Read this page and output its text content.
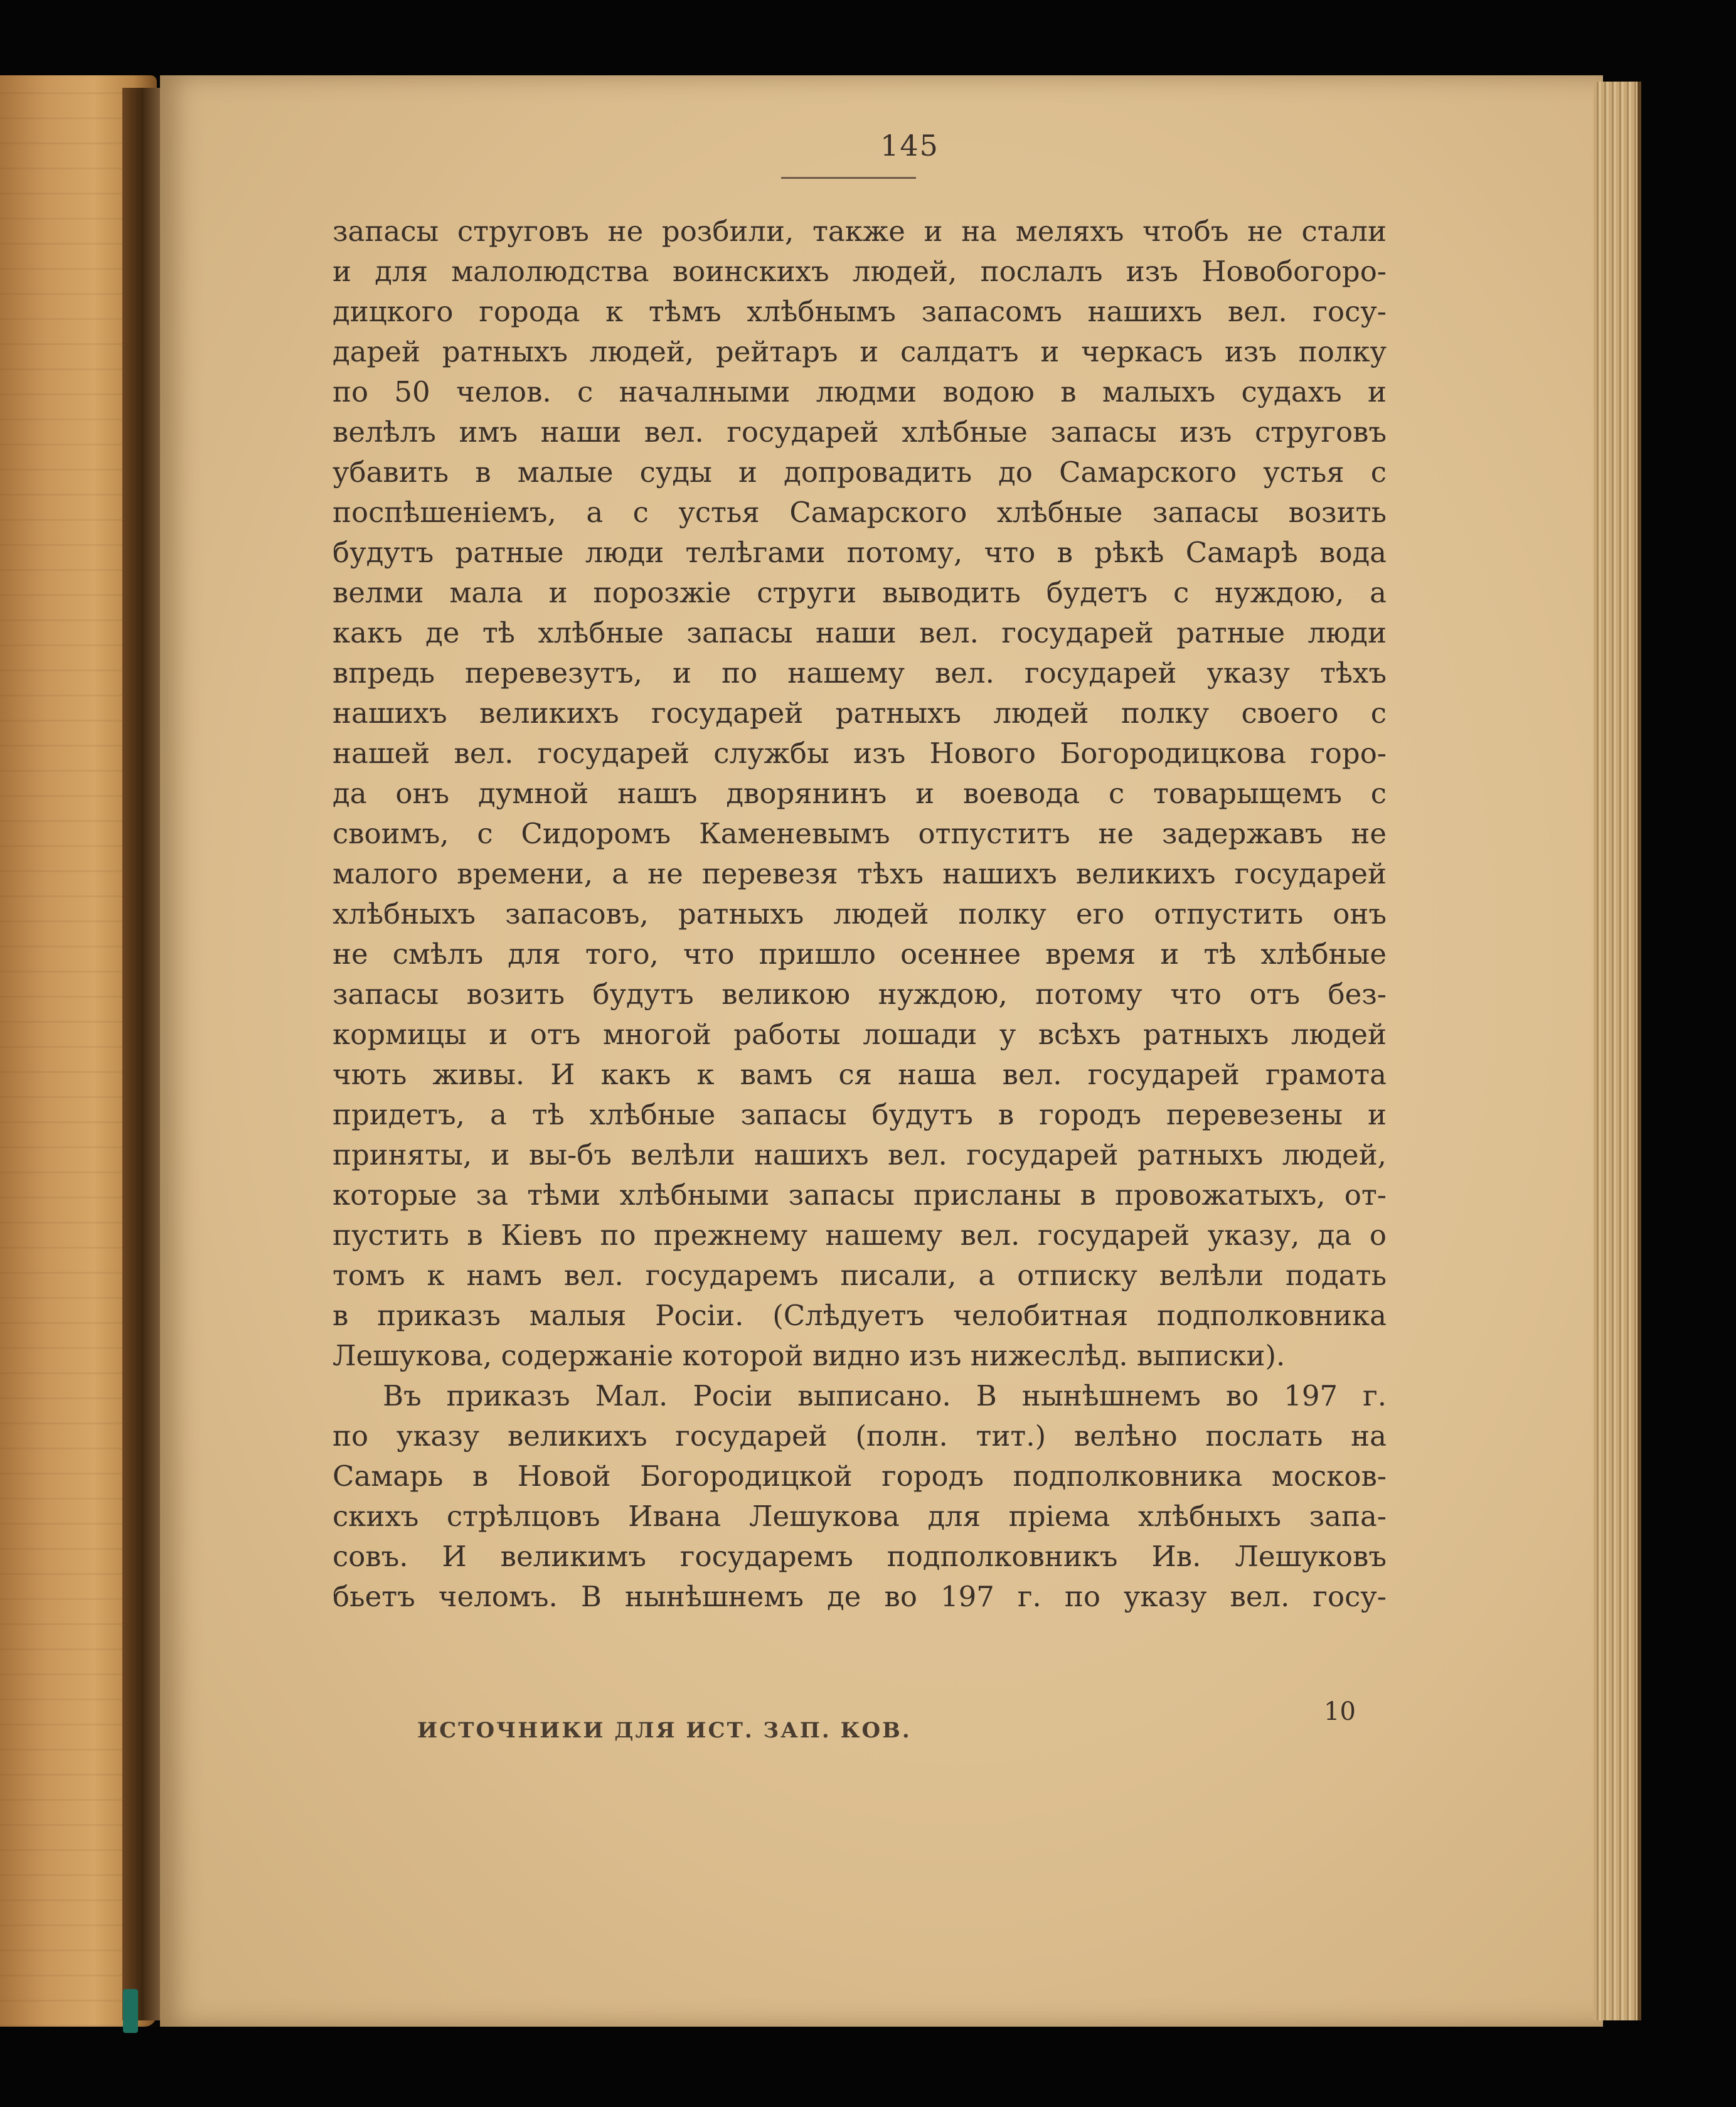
145
запасы струговъ не розбили, также и на меляхъ чтобъ не стали
и для малолюдства воинскихъ людей, послалъ изъ Новобогоро-
дицкого города к тѣмъ хлѣбнымъ запасомъ нашихъ вел. госу-
дарей ратныхъ людей, рейтаръ и салдатъ и черкасъ изъ полку
по 50 челов. с началными людми водою в малыхъ судахъ и
велѣлъ имъ наши вел. государей хлѣбные запасы изъ струговъ
убавить в малые суды и допровадить до Самарского устья с
поспѣшеніемъ, а с устья Самарского хлѣбные запасы возить
будутъ ратные люди телѣгами потому, что в рѣкѣ Самарѣ вода
велми мала и порозжіе струги выводить будетъ с нуждою, а
какъ де тѣ хлѣбные запасы наши вел. государей ратные люди
впредь перевезутъ, и по нашему вел. государей указу тѣхъ
нашихъ великихъ государей ратныхъ людей полку своего с
нашей вел. государей службы изъ Нового Богородицкова горо-
да онъ думной нашъ дворянинъ и воевода с товарыщемъ с
своимъ, с Сидоромъ Каменевымъ отпуститъ не задержавъ не
малого времени, а не перевезя тѣхъ нашихъ великихъ государей
хлѣбныхъ запасовъ, ратныхъ людей полку его отпустить онъ
не смѣлъ для того, что пришло осеннее время и тѣ хлѣбные
запасы возить будутъ великою нуждою, потому что отъ без-
кормицы и отъ многой работы лошади у всѣхъ ратныхъ людей
чють живы. И какъ к вамъ ся наша вел. государей грамота
придетъ, а тѣ хлѣбные запасы будутъ в городъ перевезены и
приняты, и вы-бъ велѣли нашихъ вел. государей ратныхъ людей,
которые за тѣми хлѣбными запасы присланы в провожатыхъ, от-
пустить в Кіевъ по прежнему нашему вел. государей указу, да о
томъ к намъ вел. государемъ писали, а отписку велѣли подать
в приказъ малыя Росіи. (Слѣдуетъ челобитная подполковника
Лешукова, содержаніе которой видно изъ нижеслѣд. выписки).
Въ приказъ Мал. Росіи выписано. В нынѣшнемъ во 197 г.
по указу великихъ государей (полн. тит.) велѣно послать на
Самарь в Новой Богородицкой городъ подполковника москов-
скихъ стрѣлцовъ Ивана Лешукова для пріема хлѣбныхъ запа-
совъ. И великимъ государемъ подполковникъ Ив. Лешуковъ
бьетъ челомъ. В нынѣшнемъ де во 197 г. по указу вел. госу-
ИСТОЧНИКИ ДЛЯ ИСТ. ЗАП. КОВ.
10
